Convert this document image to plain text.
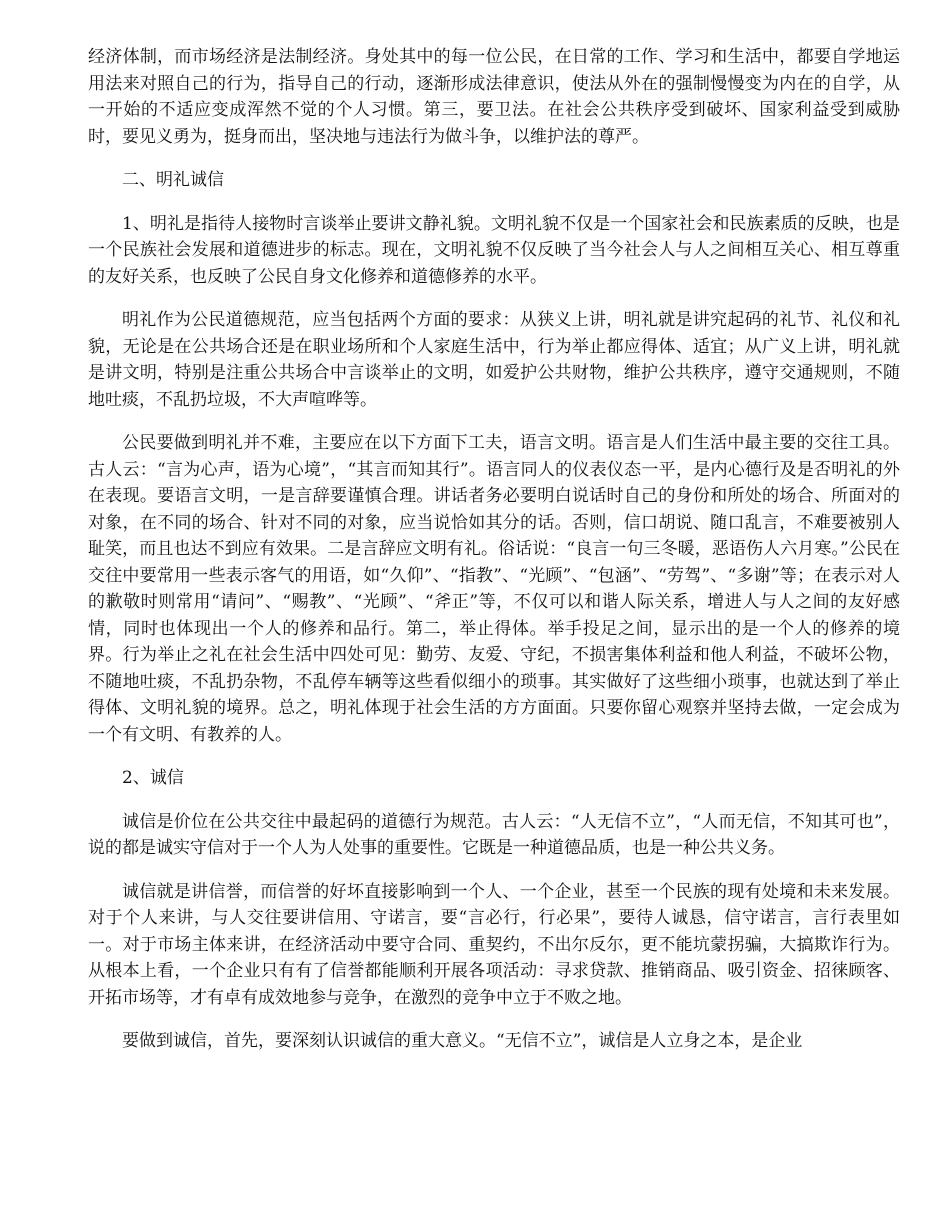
经济体制，而市场经济是法制经济。身处其中的每一位公民，在日常的工作、学习和生活中，都要自学地运用法来对照自己的行为，指导自己的行动，逐渐形成法律意识，使法从外在的强制慢慢变为内在的自学，从一开始的不适应变成浑然不觉的个人习惯。第三，要卫法。在社会公共秩序受到破坏、国家利益受到威胁时，要见义勇为，挺身而出，坚决地与违法行为做斗争，以维护法的尊严。

二、明礼诚信

1、明礼是指待人接物时言谈举止要讲文静礼貌。文明礼貌不仅是一个国家社会和民族素质的反映，也是一个民族社会发展和道德进步的标志。现在，文明礼貌不仅反映了当今社会人与人之间相互关心、相互尊重的友好关系，也反映了公民自身文化修养和道德修养的水平。

明礼作为公民道德规范，应当包括两个方面的要求：从狭义上讲，明礼就是讲究起码的礼节、礼仪和礼貌，无论是在公共场合还是在职业场所和个人家庭生活中，行为举止都应得体、适宜；从广义上讲，明礼就是讲文明，特别是注重公共场合中言谈举止的文明，如爱护公共财物，维护公共秩序，遵守交通规则，不随地吐痰，不乱扔垃圾，不大声喧哗等。

公民要做到明礼并不难，主要应在以下方面下工夫，语言文明。语言是人们生活中最主要的交往工具。古人云：“言为心声，语为心境”，“其言而知其行”。语言同人的仪表仪态一平，是内心德行及是否明礼的外在表现。要语言文明，一是言辞要谨慎合理。讲话者务必要明白说话时自己的身份和所处的场合、所面对的对象，在不同的场合、针对不同的对象，应当说恰如其分的话。否则，信口胡说、随口乱言，不难要被别人耻笑，而且也达不到应有效果。二是言辞应文明有礼。俗话说：“良言一句三冬暖，恶语伤人六月寒。”公民在交往中要常用一些表示客气的用语，如“久仰”、“指教”、“光顾”、“包涵”、“劳驾”、“多谢”等；在表示对人的歉敬时则常用“请问”、“赐教”、“光顾”、“斧正”等，不仅可以和谐人际关系，增进人与人之间的友好感情，同时也体现出一个人的修养和品行。第二，举止得体。举手投足之间，显示出的是一个人的修养的境界。行为举止之礼在社会生活中四处可见：勤劳、友爱、守纪，不损害集体利益和他人利益，不破坏公物，不随地吐痰，不乱扔杂物，不乱停车辆等这些看似细小的琐事。其实做好了这些细小琐事，也就达到了举止得体、文明礼貌的境界。总之，明礼体现于社会生活的方方面面。只要你留心观察并坚持去做，一定会成为一个有文明、有教养的人。

2、诚信

诚信是价位在公共交往中最起码的道德行为规范。古人云：“人无信不立”，“人而无信，不知其可也”，说的都是诚实守信对于一个人为人处事的重要性。它既是一种道德品质，也是一种公共义务。

诚信就是讲信誉，而信誉的好坏直接影响到一个人、一个企业，甚至一个民族的现有处境和未来发展。对于个人来讲，与人交往要讲信用、守诺言，要“言必行，行必果”，要待人诚恳，信守诺言，言行表里如一。对于市场主体来讲，在经济活动中要守合同、重契约，不出尔反尔，更不能坑蒙拐骗，大搞欺诈行为。从根本上看，一个企业只有有了信誉都能顺利开展各项活动：寻求贷款、推销商品、吸引资金、招徕顾客、开拓市场等，才有卓有成效地参与竞争，在激烈的竞争中立于不败之地。

要做到诚信，首先，要深刻认识诚信的重大意义。“无信不立”，诚信是人立身之本，是企业
